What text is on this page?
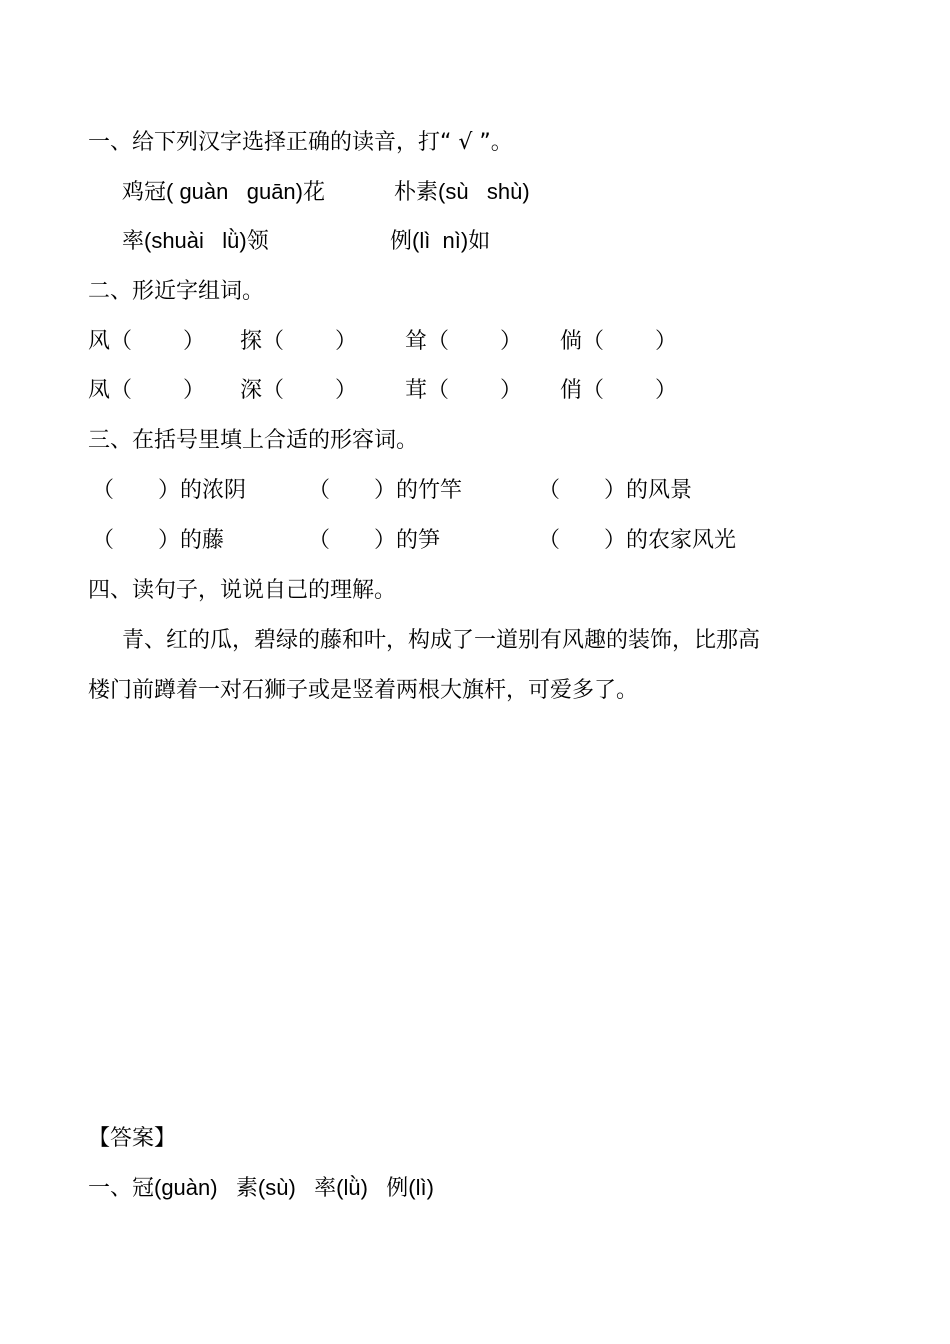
一、给下列汉字选择正确的读音，打“ √ ”。
鸡冠( guàn   guān)花	朴素(sù   shù)
率(shuài   lǜ)领	例(lì  nì)如
二、形近字组词。
风（　　 ） 探（　　 ） 耸（　　 ） 倘（　　 ）
凤（　　 ） 深（　　 ） 茸（　　 ） 俏（　　 ）
三、在括号里填上合适的形容词。
（　　）的浓阴	（　　）的竹竿	（　　）的风景
（　　）的藤	（　　）的笋	（　　）的农家风光
四、读句子，说说自己的理解。
青、红的瓜，碧绿的藤和叶，构成了一道别有风趣的装饰，比那高
楼门前蹲着一对石狮子或是竖着两根大旗杆，可爱多了。
【答案】
一、冠(guàn)   素(sù)   率(lǜ)   例(lì)
